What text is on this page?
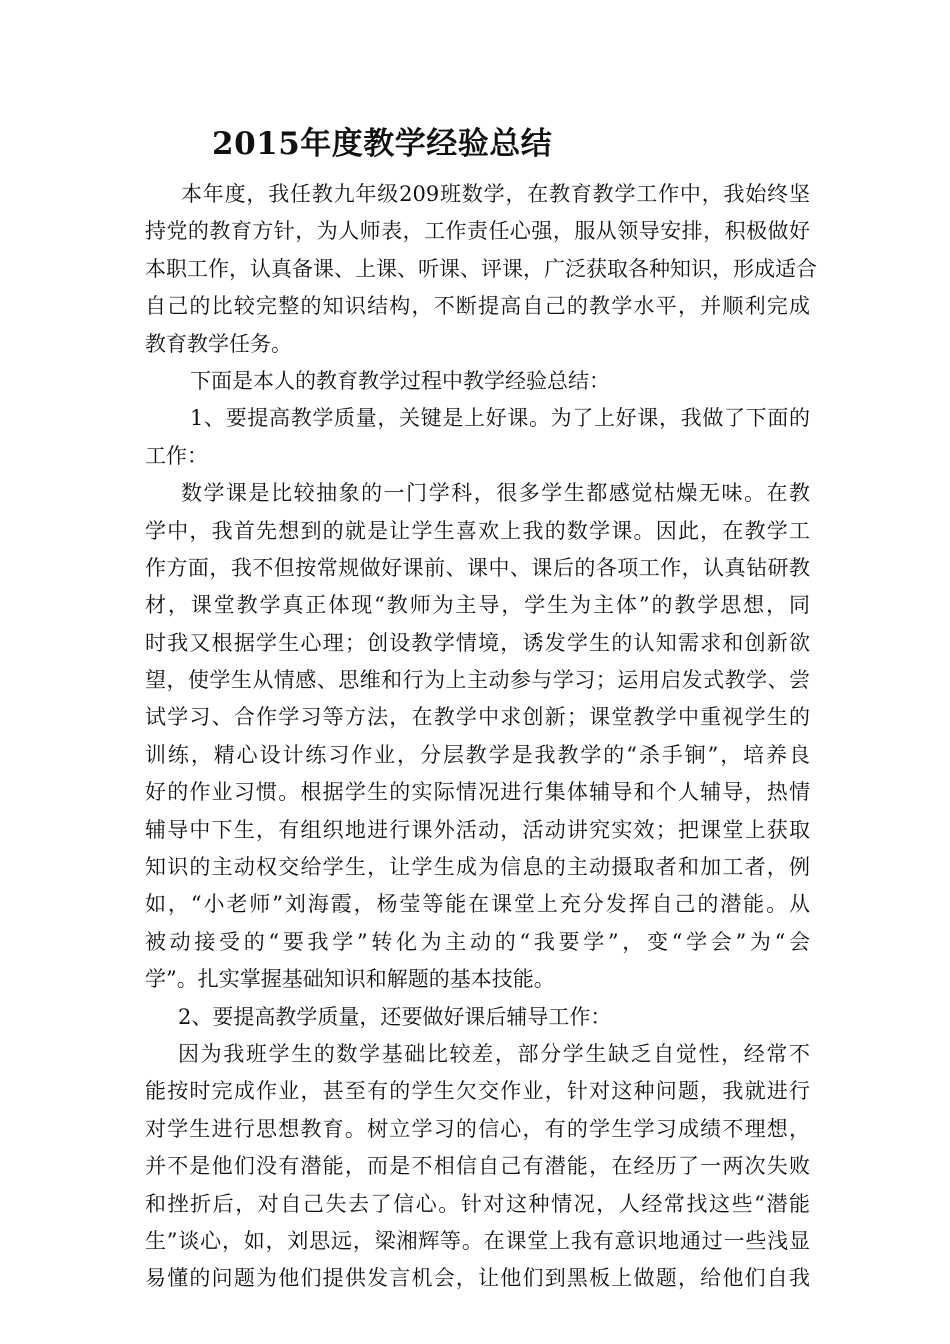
2015年度教学经验总结
本年度，我任教九年级209班数学，在教育教学工作中，我始终坚
持党的教育方针，为人师表，工作责任心强，服从领导安排，积极做好
本职工作，认真备课、上课、听课、评课，广泛获取各种知识，形成适合
自己的比较完整的知识结构，不断提高自己的教学水平，并顺利完成
教育教学任务。
下面是本人的教育教学过程中教学经验总结：
1、要提高教学质量，关键是上好课。为了上好课，我做了下面的
工作：
数学课是比较抽象的一门学科，很多学生都感觉枯燥无味。在教
学中，我首先想到的就是让学生喜欢上我的数学课。因此，在教学工
作方面，我不但按常规做好课前、课中、课后的各项工作，认真钻研教
材，课堂教学真正体现“教师为主导，学生为主体”的教学思想，同
时我又根据学生心理；创设教学情境，诱发学生的认知需求和创新欲
望，使学生从情感、思维和行为上主动参与学习；运用启发式教学、尝
试学习、合作学习等方法，在教学中求创新；课堂教学中重视学生的
训练，精心设计练习作业，分层教学是我教学的“杀手锏”，培养良
好的作业习惯。根据学生的实际情况进行集体辅导和个人辅导，热情
辅导中下生，有组织地进行课外活动，活动讲究实效；把课堂上获取
知识的主动权交给学生，让学生成为信息的主动摄取者和加工者，例
如，“小老师”刘海霞，杨莹等能在课堂上充分发挥自己的潜能。从
被动接受的“要我学”转化为主动的“我要学”，变“学会”为“会
学”。扎实掌握基础知识和解题的基本技能。
2、要提高教学质量，还要做好课后辅导工作：
因为我班学生的数学基础比较差，部分学生缺乏自觉性，经常不
能按时完成作业，甚至有的学生欠交作业，针对这种问题，我就进行
对学生进行思想教育。树立学习的信心，有的学生学习成绩不理想，
并不是他们没有潜能，而是不相信自己有潜能，在经历了一两次失败
和挫折后，对自己失去了信心。针对这种情况，人经常找这些“潜能
生”谈心，如，刘思远，梁湘辉等。在课堂上我有意识地通过一些浅显
易懂的问题为他们提供发言机会，让他们到黑板上做题，给他们自我
